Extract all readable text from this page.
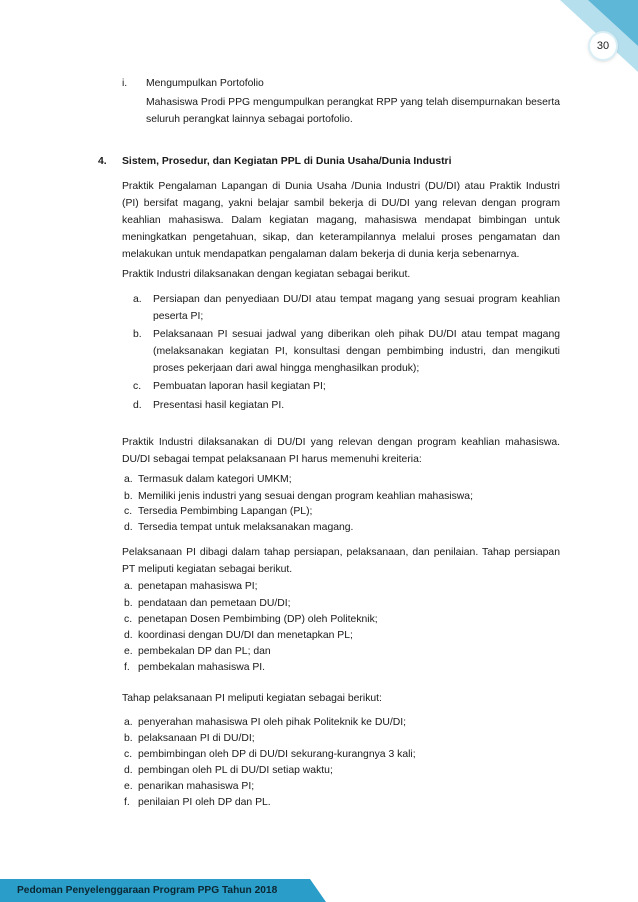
30
i. Mengumpulkan Portofolio

Mahasiswa Prodi PPG mengumpulkan perangkat RPP yang telah disempurnakan beserta seluruh perangkat lainnya sebagai portofolio.

4. Sistem, Prosedur, dan Kegiatan PPL di Dunia Usaha/Dunia Industri

Praktik Pengalaman Lapangan di Dunia Usaha /Dunia Industri (DU/DI) atau Praktik Industri (PI) bersifat magang, yakni belajar sambil bekerja di DU/DI yang relevan dengan program keahlian mahasiswa. Dalam kegiatan magang, mahasiswa mendapat bimbingan untuk meningkatkan pengetahuan, sikap, dan keterampilannya melalui proses pengamatan dan melakukan untuk mendapatkan pengalaman dalam bekerja di dunia kerja sebenarnya.

Praktik Industri dilaksanakan dengan kegiatan sebagai berikut.

a. Persiapan dan penyediaan DU/DI atau tempat magang yang sesuai program keahlian peserta PI;
b. Pelaksanaan PI sesuai jadwal yang diberikan oleh pihak DU/DI atau tempat magang (melaksanakan kegiatan PI, konsultasi dengan pembimbing industri, dan mengikuti proses pekerjaan dari awal hingga menghasilkan produk);
c. Pembuatan laporan hasil kegiatan PI;
d. Presentasi hasil kegiatan PI.

Praktik Industri dilaksanakan di DU/DI yang relevan dengan program keahlian mahasiswa. DU/DI sebagai tempat pelaksanaan PI harus memenuhi kreiteria:

a. Termasuk dalam kategori UMKM;
b. Memiliki jenis industri yang sesuai dengan program keahlian mahasiswa;
c. Tersedia Pembimbing Lapangan (PL);
d. Tersedia tempat untuk melaksanakan magang.

Pelaksanaan PI dibagi dalam tahap persiapan, pelaksanaan, dan penilaian. Tahap persiapan PT meliputi kegiatan sebagai berikut.

a. penetapan mahasiswa PI;
b. pendataan dan pemetaan DU/DI;
c. penetapan Dosen Pembimbing (DP) oleh Politeknik;
d. koordinasi dengan DU/DI dan menetapkan PL;
e. pembekalan DP dan PL; dan
f. pembekalan mahasiswa PI.

Tahap pelaksanaan PI meliputi kegiatan sebagai berikut:

a. penyerahan mahasiswa PI oleh pihak Politeknik ke DU/DI;
b. pelaksanaan PI di DU/DI;
c. pembimbingan oleh DP di DU/DI sekurang-kurangnya 3 kali;
d. pembingan oleh PL di DU/DI setiap waktu;
e. penarikan mahasiswa PI;
f. penilaian PI oleh DP dan PL.
Pedoman Penyelenggaraan Program PPG Tahun 2018
